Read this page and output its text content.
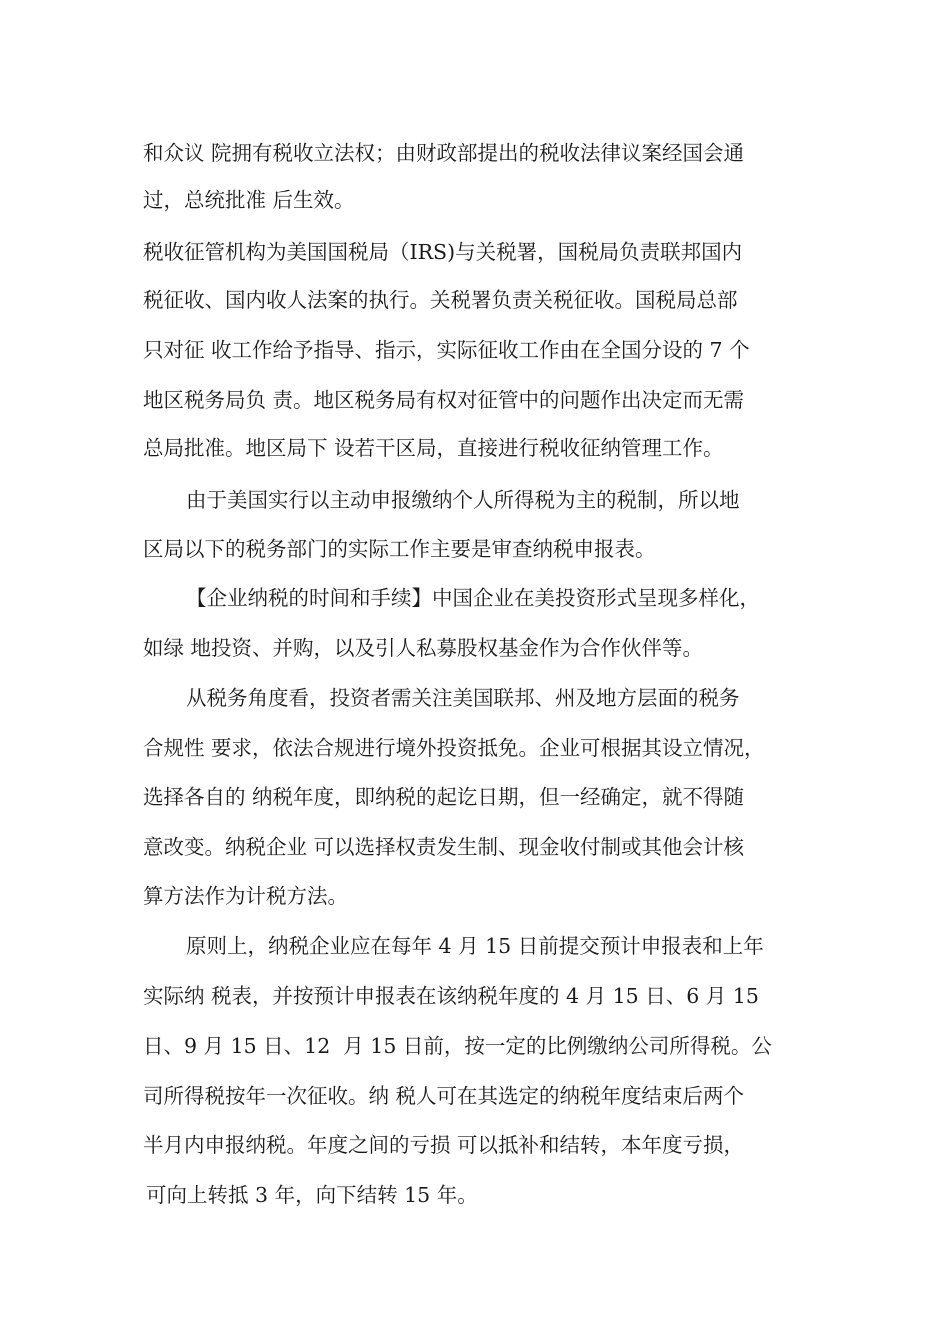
和众议 院拥有税收立法权；由财政部提出的税收法律议案经国会通
过，总统批准 后生效。
税收征管机构为美国国税局（IRS)与关税署，国税局负责联邦国内
税征收、国内收人法案的执行。关税署负责关税征收。国税局总部
只对征 收工作给予指导、指示，实际征收工作由在全国分设的 7 个
地区税务局负 责。地区税务局有权对征管中的问题作出决定而无需
总局批准。地区局下 设若干区局，直接进行税收征纳管理工作。
由于美国实行以主动申报缴纳个人所得税为主的税制，所以地
区局以下的税务部门的实际工作主要是审查纳税申报表。
【企业纳税的时间和手续】中国企业在美投资形式呈现多样化，
如绿 地投资、并购，以及引人私募股权基金作为合作伙伴等。
从税务角度看，投资者需关注美国联邦、州及地方层面的税务
合规性 要求，依法合规进行境外投资抵免。企业可根据其设立情况，
选择各自的 纳税年度，即纳税的起讫日期，但一经确定，就不得随
意改变。纳税企业 可以选择权责发生制、现金收付制或其他会计核
算方法作为计税方法。
原则上，纳税企业应在每年 4 月 15 日前提交预计申报表和上年
实际纳 税表，并按预计申报表在该纳税年度的 4 月 15 日、6 月 15
日、9 月 15 日、12  月 15 日前，按一定的比例缴纳公司所得税。公
司所得税按年一次征收。纳 税人可在其选定的纳税年度结束后两个
半月内申报纳税。年度之间的亏损 可以抵补和结转，本年度亏损，
可向上转抵 3 年，向下结转 15 年。
